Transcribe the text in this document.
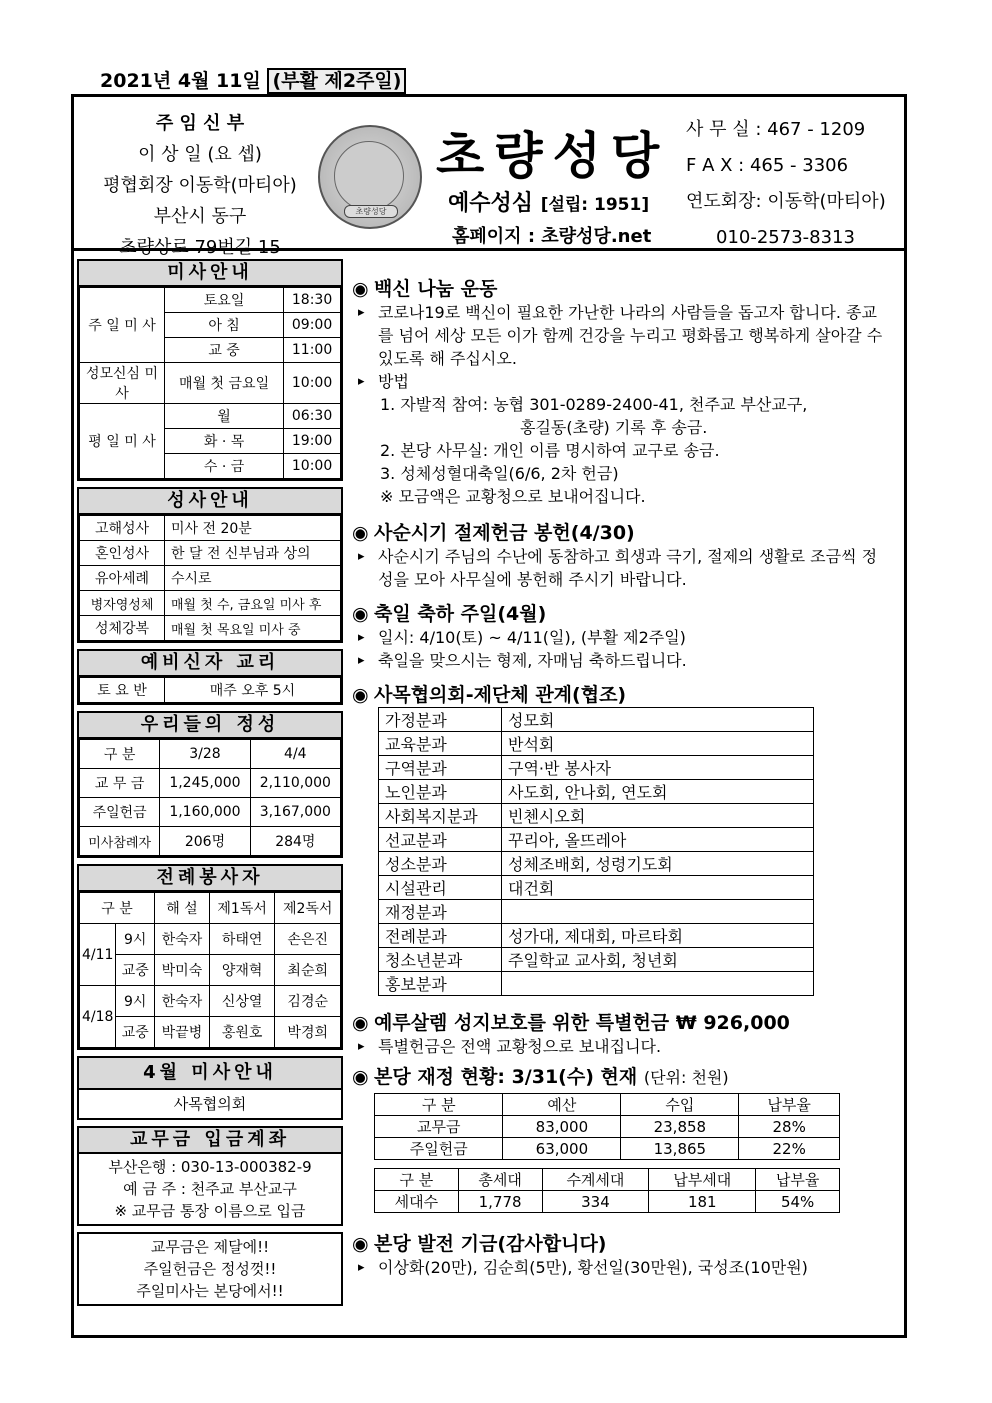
2021년 4월 11일 (부활 제2주일)
주 임 신 부
이 상 일 (요 셉)
평협회장 이동학(마티아)
부산시 동구
초량상로 79번길 15
초량성당
초량성당
예수성심 [설립: 1951]
홈페이지 : 초량성당.net
사 무 실 : 467 - 1209
F A X : 465 - 3306
연도회장: 이동학(마티아)
010-2573-8313
미사안내
주 일 미 사	토요일	18:30
	아 침	09:00
	교 중	11:00
성모신심 미 사	매월 첫 금요일	10:00
평 일 미 사	월	06:30
	화 · 목	19:00
	수 · 금	10:00
성사안내
고해성사	미사 전 20분
혼인성사	한 달 전 신부님과 상의
유아세례	수시로
병자영성체	매월 첫 수, 금요일 미사 후
성체강복	매월 첫 목요일 미사 중
예비신자 교리
토 요 반	매주 오후 5시
우리들의 정성
구 분	3/28	4/4
교 무 금	1,245,000	2,110,000
주일헌금	1,160,000	3,167,000
미사참례자	206명	284명
전례봉사자
구 분		해 설	제1독서	제2독서
4/11	9시	한숙자	하태연	손은진
	교중	박미숙	양재혁	최순희
4/18	9시	한숙자	신상열	김경순
	교중	박끝병	홍원호	박경희
4월 미사안내
사목협의회
교무금 입금계좌
부산은행 : 030-13-000382-9
예 금 주 : 천주교 부산교구
※ 교무금 통장 이름으로 입금
교무금은 제달에!!
주일헌금은 정성껏!!
주일미사는 본당에서!!
◉ 백신 나눔 운동
▸ 코로나19로 백신이 필요한 가난한 나라의 사람들을 돕고자 합니다. 종교를 넘어 세상 모든 이가 함께 건강을 누리고 평화롭고 행복하게 살아갈 수 있도록 해 주십시오.
▸ 방법
1. 자발적 참여: 농협 301-0289-2400-41, 천주교 부산교구,
홍길동(초량) 기록 후 송금.
2. 본당 사무실: 개인 이름 명시하여 교구로 송금.
3. 성체성혈대축일(6/6, 2차 헌금)
※ 모금액은 교황청으로 보내어집니다.
◉ 사순시기 절제헌금 봉헌(4/30)
▸ 사순시기 주님의 수난에 동참하고 희생과 극기, 절제의 생활로 조금씩 정성을 모아 사무실에 봉헌해 주시기 바랍니다.
◉ 축일 축하 주일(4월)
▸ 일시: 4/10(토) ~ 4/11(일), (부활 제2주일)
▸ 축일을 맞으시는 형제, 자매님 축하드립니다.
◉ 사목협의회-제단체 관계(협조)
가정분과	성모회
교육분과	반석회
구역분과	구역·반 봉사자
노인분과	사도회, 안나회, 연도회
사회복지분과	빈첸시오회
선교분과	꾸리아, 올뜨레아
성소분과	성체조배회, 성령기도회
시설관리	대건회
재정분과	
전례분과	성가대, 제대회, 마르타회
청소년분과	주일학교 교사회, 청년회
홍보분과	
◉ 예루살렘 성지보호를 위한 특별헌금 ₩ 926,000
▸ 특별헌금은 전액 교황청으로 보내집니다.
◉ 본당 재정 현황: 3/31(수) 현재 (단위: 천원)
구 분	예산	수입	납부율
교무금	83,000	23,858	28%
주일헌금	63,000	13,865	22%
구 분	총세대	수계세대	납부세대	납부율
세대수	1,778	334	181	54%
◉ 본당 발전 기금(감사합니다)
▸ 이상화(20만), 김순희(5만), 황선일(30만원), 국성조(10만원)
